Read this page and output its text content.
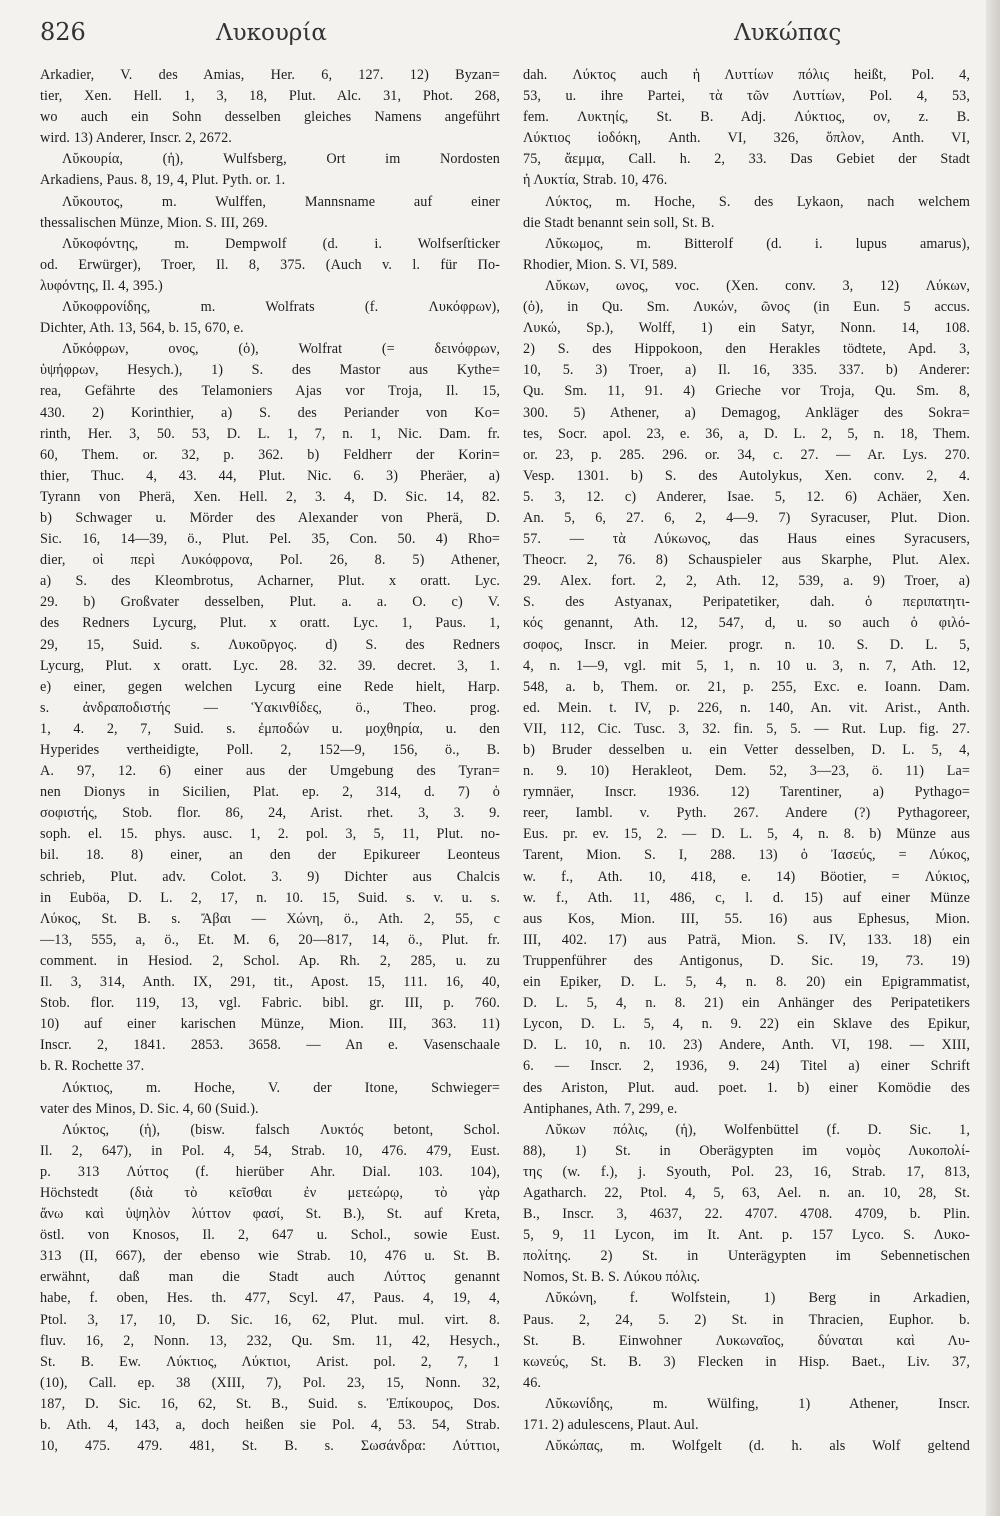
826	Λυκουρία	Λυκώπας
Arkadier, V. des Amias, Her. 6, 127. 12) Byzan=
tier, Xen. Hell. 1, 3, 18, Plut. Alc. 31, Phot. 268,
wo auch ein Sohn desselben gleiches Namens angeführt
wird. 13) Anderer, Inscr. 2, 2672.
Λῠκουρία, (ἡ), Wulfsberg, Ort im Nordosten
Arkadiens, Paus. 8, 19, 4, Plut. Pyth. or. 1.
Λῠκουτος, m. Wulffen, Mannsname auf einer
thessalischen Münze, Mion. S. III, 269.
Λῠκοφόντης, m. Dempwolf (d. i. Wolfserſticker
od. Erwürger), Troer, Il. 8, 375. (Auch v. l. für Πο-
λυφόντης, Il. 4, 395.)
Λῠκοφρονίδης, m. Wolfrats (f. Λυκόφρων),
Dichter, Ath. 13, 564, b. 15, 670, e.
Λῠκόφρων, ονος, (ὁ), Wolfrat (= δεινόφρων,
ὑψήφρων, Hesych.), 1) S. des Mastor aus Kythe=
rea, Gefährte des Telamoniers Ajas vor Troja, Il. 15,
430. 2) Korinthier, a) S. des Periander von Ko=
rinth, Her. 3, 50. 53, D. L. 1, 7, n. 1, Nic. Dam. fr.
60, Them. or. 32, p. 362. b) Feldherr der Korin=
thier, Thuc. 4, 43. 44, Plut. Nic. 6. 3) Pheräer, a)
Tyrann von Pherä, Xen. Hell. 2, 3. 4, D. Sic. 14, 82.
b) Schwager u. Mörder des Alexander von Pherä, D.
Sic. 16, 14—39, ö., Plut. Pel. 35, Con. 50. 4) Rho=
dier, οἱ περὶ Λυκόφρονα, Pol. 26, 8. 5) Athener,
a) S. des Kleombrotus, Acharner, Plut. x oratt. Lyc.
29. b) Großvater desselben, Plut. a. a. O. c) V.
des Redners Lycurg, Plut. x oratt. Lyc. 1, Paus. 1,
29, 15, Suid. s. Λυκοῦργος. d) S. des Redners
Lycurg, Plut. x oratt. Lyc. 28. 32. 39. decret. 3, 1.
e) einer, gegen welchen Lycurg eine Rede hielt, Harp.
s. ἀνδραποδιστής — Ὑακινθίδες, ö., Theo. prog.
1, 4. 2, 7, Suid. s. ἐμποδών u. μοχθηρία, u. den
Hyperides vertheidigte, Poll. 2, 152—9, 156, ö., B.
A. 97, 12. 6) einer aus der Umgebung des Tyran=
nen Dionys in Sicilien, Plat. ep. 2, 314, d. 7) ὁ
σοφιστής, Stob. flor. 86, 24, Arist. rhet. 3, 3. 9.
soph. el. 15. phys. ausc. 1, 2. pol. 3, 5, 11, Plut. no-
bil. 18. 8) einer, an den der Epikureer Leonteus
schrieb, Plut. adv. Colot. 3. 9) Dichter aus Chalcis
in Euböa, D. L. 2, 17, n. 10. 15, Suid. s. v. u. s.
Λύκος, St. B. s. Ἄβαι — Χώνη, ö., Ath. 2, 55, c
—13, 555, a, ö., Et. M. 6, 20—817, 14, ö., Plut. fr.
comment. in Hesiod. 2, Schol. Ap. Rh. 2, 285, u. zu
Il. 3, 314, Anth. IX, 291, tit., Apost. 15, 111. 16, 40,
Stob. flor. 119, 13, vgl. Fabric. bibl. gr. III, p. 760.
10) auf einer karischen Münze, Mion. III, 363. 11)
Inscr. 2, 1841. 2853. 3658. — An e. Vasenschaale
b. R. Rochette 37.
Λύκτιος, m. Hoche, V. der Itone, Schwieger=
vater des Minos, D. Sic. 4, 60 (Suid.).
Λύκτος, (ἡ), (bisw. falsch Λυκτός betont, Schol.
Il. 2, 647), in Pol. 4, 54, Strab. 10, 476. 479, Eust.
p. 313 Λύττος (f. hierüber Ahr. Dial. 103. 104),
Höchstedt (διὰ τὸ κεῖσθαι ἐν μετεώρῳ, τὸ γὰρ
ἄνω καὶ ὑψηλὸν λύττον φασί, St. B.), St. auf Kreta,
östl. von Knosos, Il. 2, 647 u. Schol., sowie Eust.
313 (II, 667), der ebenso wie Strab. 10, 476 u. St. B.
erwähnt, daß man die Stadt auch Λύττος genannt
habe, f. oben, Hes. th. 477, Scyl. 47, Paus. 4, 19, 4,
Ptol. 3, 17, 10, D. Sic. 16, 62, Plut. mul. virt. 8.
fluv. 16, 2, Nonn. 13, 232, Qu. Sm. 11, 42, Hesych.,
St. B. Ew. Λύκτιος, Λύκτιοι, Arist. pol. 2, 7, 1
(10), Call. ep. 38 (XIII, 7), Pol. 23, 15, Nonn. 32,
187, D. Sic. 16, 62, St. B., Suid. s. Ἐπίκουρος, Dos.
b. Ath. 4, 143, a, doch heißen sie Pol. 4, 53. 54, Strab.
10, 475. 479. 481, St. B. s. Σωσάνδρα: Λύττιοι,
dah. Λύκτος auch ἡ Λυττίων πόλις heißt, Pol. 4,
53, u. ihre Partei, τὰ τῶν Λυττίων, Pol. 4, 53,
fem. Λυκτηίς, St. B. Adj. Λύκτιος, ον, z. B.
Λύκτιος ἰοδόκη, Anth. VI, 326, ὅπλον, Anth. VI,
75, ἄεμμα, Call. h. 2, 33. Das Gebiet der Stadt
ἡ Λυκτία, Strab. 10, 476.
Λύκτος, m. Hoche, S. des Lykaon, nach welchem
die Stadt benannt sein soll, St. B.
Λῠκωμος, m. Bitterolf (d. i. lupus amarus),
Rhodier, Mion. S. VI, 589.
Λῠκων, ωνος, voc. (Xen. conv. 3, 12) Λύκων,
(ὁ), in Qu. Sm. Λυκών, ῶνος (in Eun. 5 accus.
Λυκώ, Sp.), Wolff, 1) ein Satyr, Nonn. 14, 108.
2) S. des Hippokoon, den Herakles tödtete, Apd. 3,
10, 5. 3) Troer, a) Il. 16, 335. 337. b) Anderer:
Qu. Sm. 11, 91. 4) Grieche vor Troja, Qu. Sm. 8,
300. 5) Athener, a) Demagog, Ankläger des Sokra=
tes, Socr. apol. 23, e. 36, a, D. L. 2, 5, n. 18, Them.
or. 23, p. 285. 296. or. 34, c. 27. — Ar. Lys. 270.
Vesp. 1301. b) S. des Autolykus, Xen. conv. 2, 4.
5. 3, 12. c) Anderer, Isae. 5, 12. 6) Achäer, Xen.
An. 5, 6, 27. 6, 2, 4—9. 7) Syracuser, Plut. Dion.
57. — τὰ Λύκωνος, das Haus eines Syracusers,
Theocr. 2, 76. 8) Schauspieler aus Skarphe, Plut. Alex.
29. Alex. fort. 2, 2, Ath. 12, 539, a. 9) Troer, a)
S. des Astyanax, Peripatetiker, dah. ὁ περιπατητι-
κός genannt, Ath. 12, 547, d, u. so auch ὁ φιλό-
σοφος, Inscr. in Meier. progr. n. 10. S. D. L. 5,
4, n. 1—9, vgl. mit 5, 1, n. 10 u. 3, n. 7, Ath. 12,
548, a. b, Them. or. 21, p. 255, Exc. e. Ioann. Dam.
ed. Mein. t. IV, p. 226, n. 140, An. vit. Arist., Anth.
VII, 112, Cic. Tusc. 3, 32. fin. 5, 5. — Rut. Lup. fig. 27.
b) Bruder desselben u. ein Vetter desselben, D. L. 5, 4,
n. 9. 10) Herakleot, Dem. 52, 3—23, ö. 11) La=
rymnäer, Inscr. 1936. 12) Tarentiner, a) Pythago=
reer, Iambl. v. Pyth. 267. Andere (?) Pythagoreer,
Eus. pr. ev. 15, 2. — D. L. 5, 4, n. 8. b) Münze aus
Tarent, Mion. S. I, 288. 13) ὁ Ἰασεύς, = Λύκος,
w. f., Ath. 10, 418, e. 14) Böotier, = Λύκιος,
w. f., Ath. 11, 486, c, l. d. 15) auf einer Münze
aus Kos, Mion. III, 55. 16) aus Ephesus, Mion.
III, 402. 17) aus Paträ, Mion. S. IV, 133. 18) ein
Truppenführer des Antigonus, D. Sic. 19, 73. 19)
ein Epiker, D. L. 5, 4, n. 8. 20) ein Epigrammatist,
D. L. 5, 4, n. 8. 21) ein Anhänger des Peripatetikers
Lycon, D. L. 5, 4, n. 9. 22) ein Sklave des Epikur,
D. L. 10, n. 10. 23) Andere, Anth. VI, 198. — XIII,
6. — Inscr. 2, 1936, 9. 24) Titel a) einer Schrift
des Ariston, Plut. aud. poet. 1. b) einer Komödie des
Antiphanes, Ath. 7, 299, e.
Λῠκων πόλις, (ἡ), Wolfenbüttel (f. D. Sic. 1,
88), 1) St. in Oberägypten im νομὸς Λυκοπολί-
της (w. f.), j. Syouth, Pol. 23, 16, Strab. 17, 813,
Agatharch. 22, Ptol. 4, 5, 63, Ael. n. an. 10, 28, St.
B., Inscr. 3, 4637, 22. 4707. 4708. 4709, b. Plin.
5, 9, 11 Lycon, im It. Ant. p. 157 Lyco. S. Λυκο-
πολίτης. 2) St. in Unterägypten im Sebennetischen
Nomos, St. B. S. Λύκου πόλις.
Λῠκώνη, f. Wolfstein, 1) Berg in Arkadien,
Paus. 2, 24, 5. 2) St. in Thracien, Euphor. b.
St. B. Einwohner Λυκωναῖος, δύναται καὶ Λυ-
κωνεύς, St. B. 3) Flecken in Hisp. Baet., Liv. 37,
46.
Λῠκωνίδης, m. Wülfing, 1) Athener, Inscr.
171. 2) adulescens, Plaut. Aul.
Λῠκώπας, m. Wolfgelt (d. h. als Wolf geltend
